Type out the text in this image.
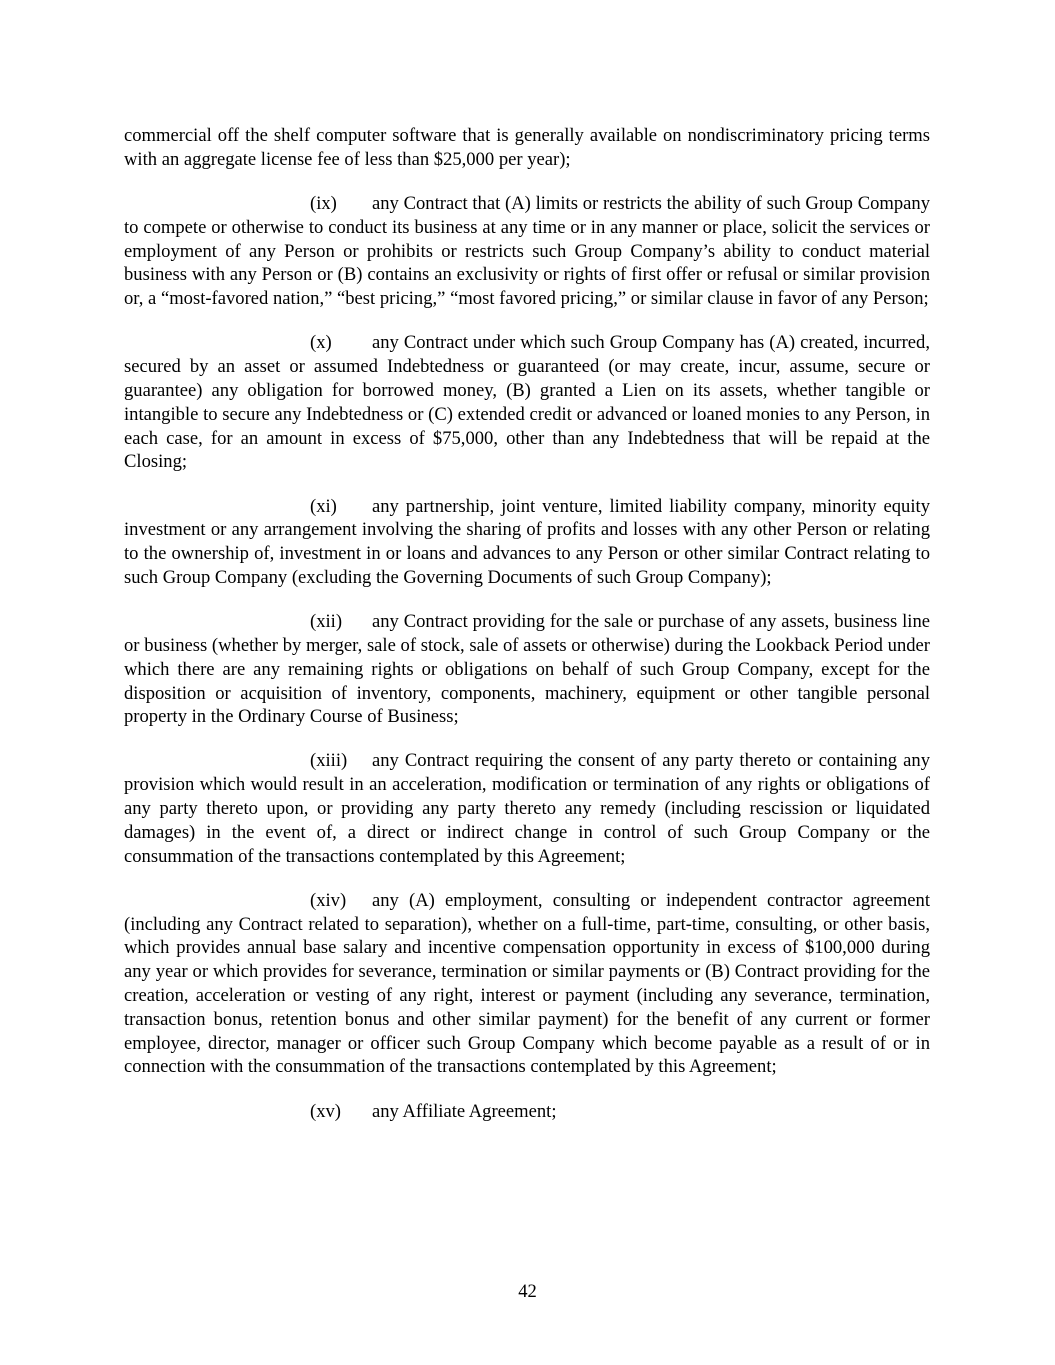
commercial off the shelf computer software that is generally available on nondiscriminatory pricing terms with an aggregate license fee of less than $25,000 per year);

(ix) any Contract that (A) limits or restricts the ability of such Group Company to compete or otherwise to conduct its business at any time or in any manner or place, solicit the services or employment of any Person or prohibits or restricts such Group Company’s ability to conduct material business with any Person or (B) contains an exclusivity or rights of first offer or refusal or similar provision or, a “most-favored nation,” “best pricing,” “most favored pricing,” or similar clause in favor of any Person;

(x) any Contract under which such Group Company has (A) created, incurred, secured by an asset or assumed Indebtedness or guaranteed (or may create, incur, assume, secure or guarantee) any obligation for borrowed money, (B) granted a Lien on its assets, whether tangible or intangible to secure any Indebtedness or (C) extended credit or advanced or loaned monies to any Person, in each case, for an amount in excess of $75,000, other than any Indebtedness that will be repaid at the Closing;

(xi) any partnership, joint venture, limited liability company, minority equity investment or any arrangement involving the sharing of profits and losses with any other Person or relating to the ownership of, investment in or loans and advances to any Person or other similar Contract relating to such Group Company (excluding the Governing Documents of such Group Company);

(xii) any Contract providing for the sale or purchase of any assets, business line or business (whether by merger, sale of stock, sale of assets or otherwise) during the Lookback Period under which there are any remaining rights or obligations on behalf of such Group Company, except for the disposition or acquisition of inventory, components, machinery, equipment or other tangible personal property in the Ordinary Course of Business;

(xiii) any Contract requiring the consent of any party thereto or containing any provision which would result in an acceleration, modification or termination of any rights or obligations of any party thereto upon, or providing any party thereto any remedy (including rescission or liquidated damages) in the event of, a direct or indirect change in control of such Group Company or the consummation of the transactions contemplated by this Agreement;

(xiv) any (A) employment, consulting or independent contractor agreement (including any Contract related to separation), whether on a full-time, part-time, consulting, or other basis, which provides annual base salary and incentive compensation opportunity in excess of $100,000 during any year or which provides for severance, termination or similar payments or (B) Contract providing for the creation, acceleration or vesting of any right, interest or payment (including any severance, termination, transaction bonus, retention bonus and other similar payment) for the benefit of any current or former employee, director, manager or officer such Group Company which become payable as a result of or in connection with the consummation of the transactions contemplated by this Agreement;

(xv) any Affiliate Agreement;

42
